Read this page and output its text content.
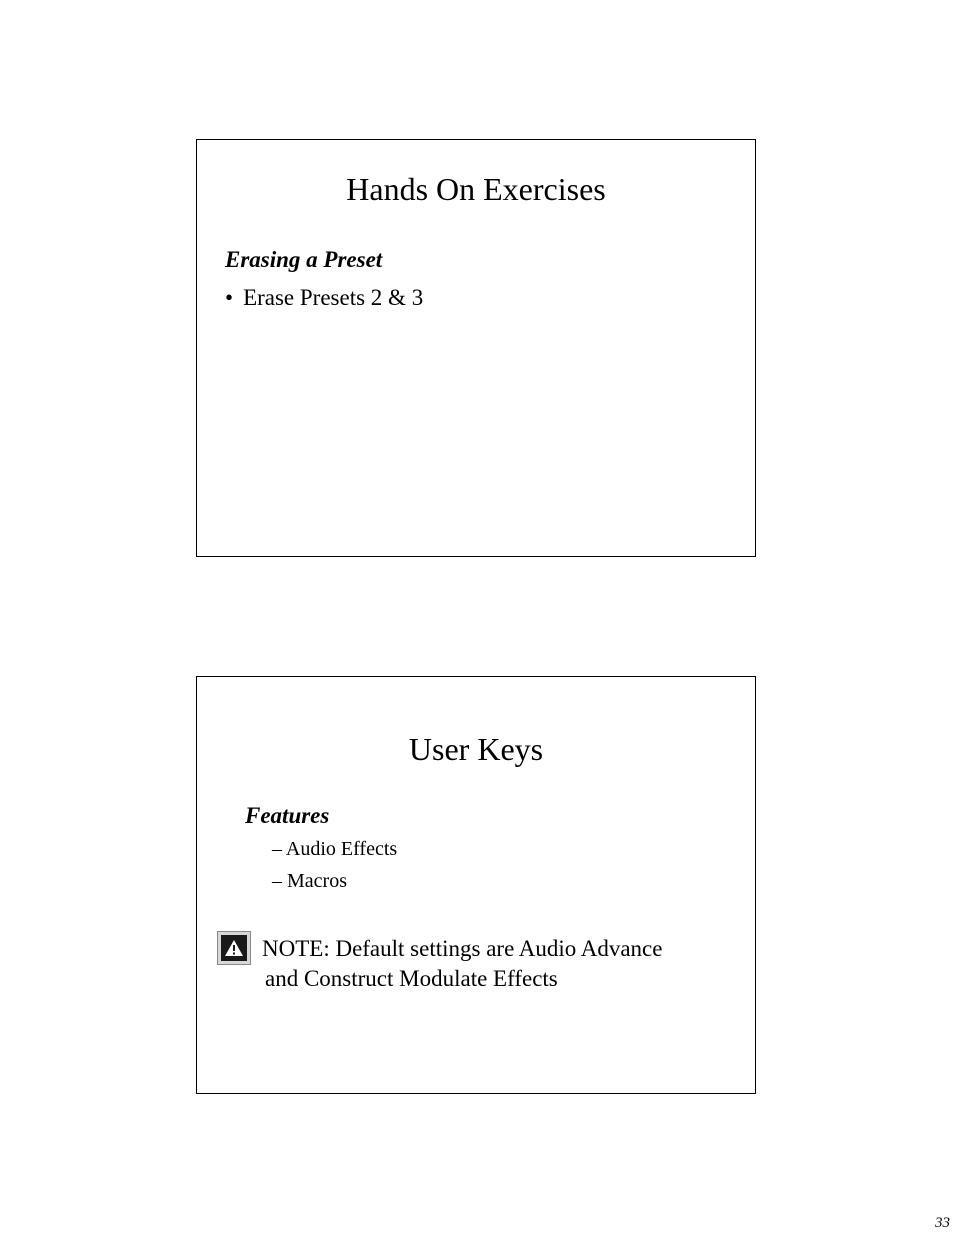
Hands On Exercises
Erasing a Preset
• Erase Presets 2 & 3
User Keys
Features
– Audio Effects
– Macros
NOTE: Default settings are Audio Advance
and Construct Modulate Effects
33
